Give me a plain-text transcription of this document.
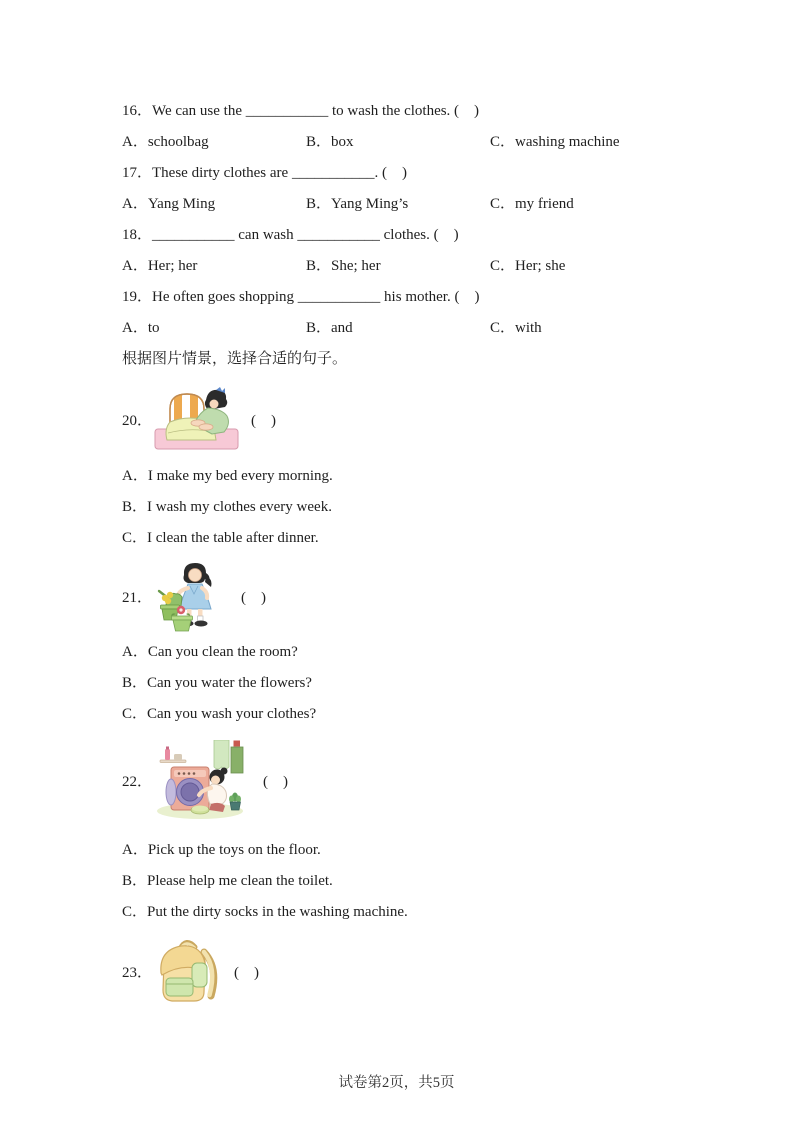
16．We can use the ___________ to wash the clothes. (　)
A．schoolbag	B．box	C．washing machine
17．These dirty clothes are ___________. (　)
A．Yang Ming	B．Yang Ming’s	C．my friend
18．___________ can wash ___________ clothes. (　)
A．Her; her	B．She; her	C．Her; she
19．He often goes shopping ___________ his mother. (　)
A．to	B．and	C．with
根据图片情景，选择合适的句子。
20．	(　)
A．I make my bed every morning.
B．I wash my clothes every week.
C．I clean the table after dinner.
21．	(　)
A．Can you clean the room?
B．Can you water the flowers?
C．Can you wash your clothes?
22．	(　)
A．Pick up the toys on the floor.
B．Please help me clean the toilet.
C．Put the dirty socks in the washing machine.
23．	(　)
试卷第2页，共5页
